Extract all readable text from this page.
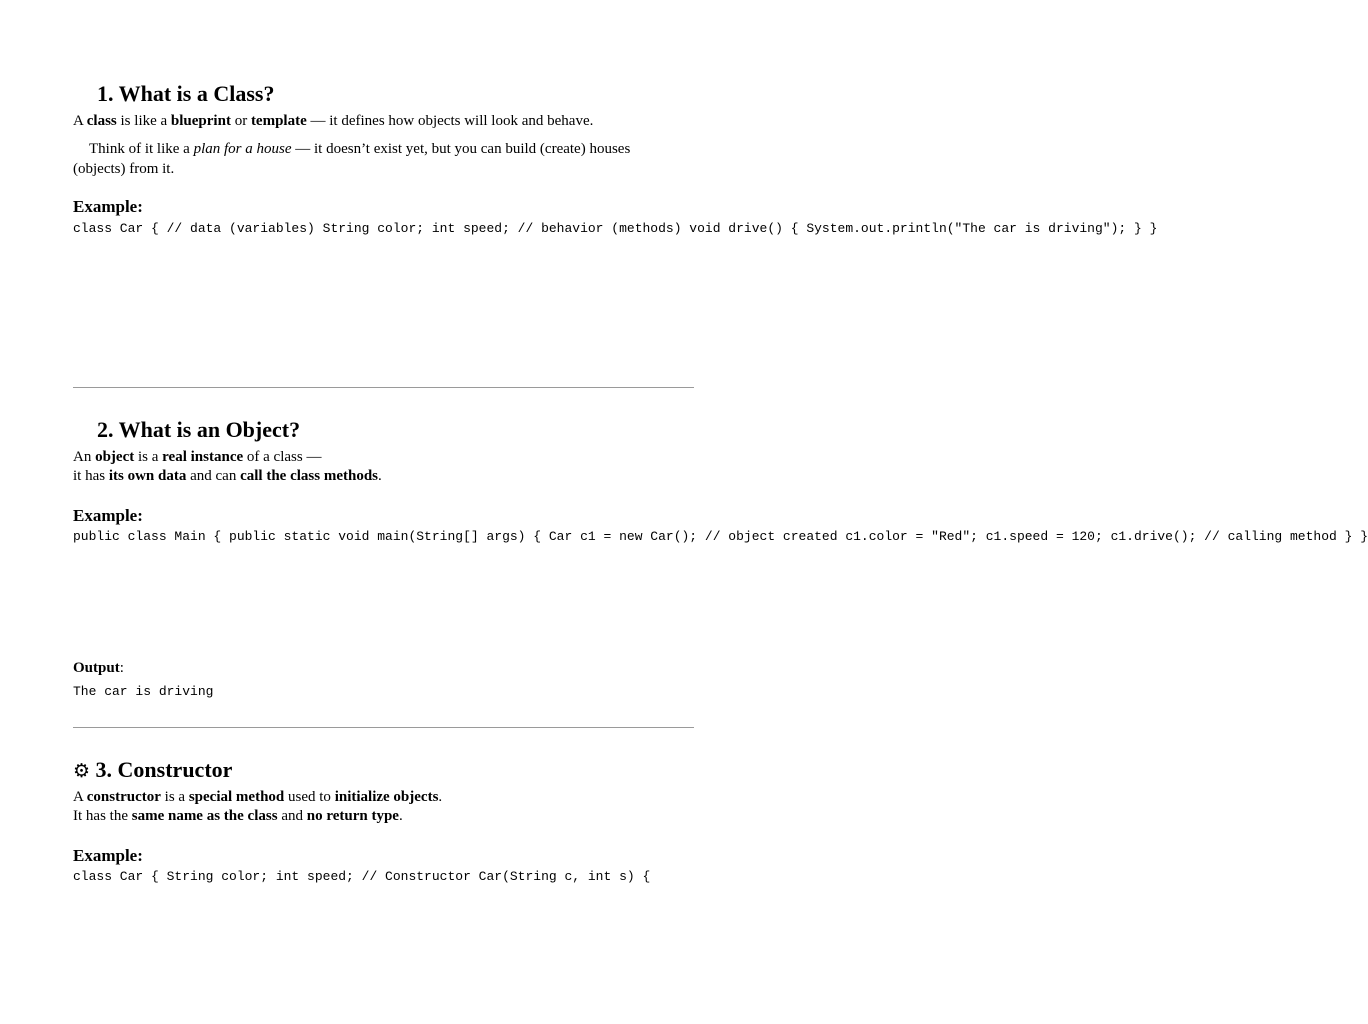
1. What is a Class?
A class is like a blueprint or template — it defines how objects will look and behave.
Think of it like a plan for a house — it doesn’t exist yet, but you can build (create) houses
(objects) from it.
Example:
class Car { // data (variables) String color; int speed; // behavior (methods) void drive() { System.out.println("The car is driving"); } }
2. What is an Object?
An object is a real instance of a class —
it has its own data and can call the class methods.
Example:
public class Main { public static void main(String[] args) { Car c1 = new Car(); // object created c1.color = "Red"; c1.speed = 120; c1.drive(); // calling method } }
Output:
The car is driving
⚙ 3. Constructor
A constructor is a special method used to initialize objects.
It has the same name as the class and no return type.
Example:
class Car { String color; int speed; // Constructor Car(String c, int s) {
